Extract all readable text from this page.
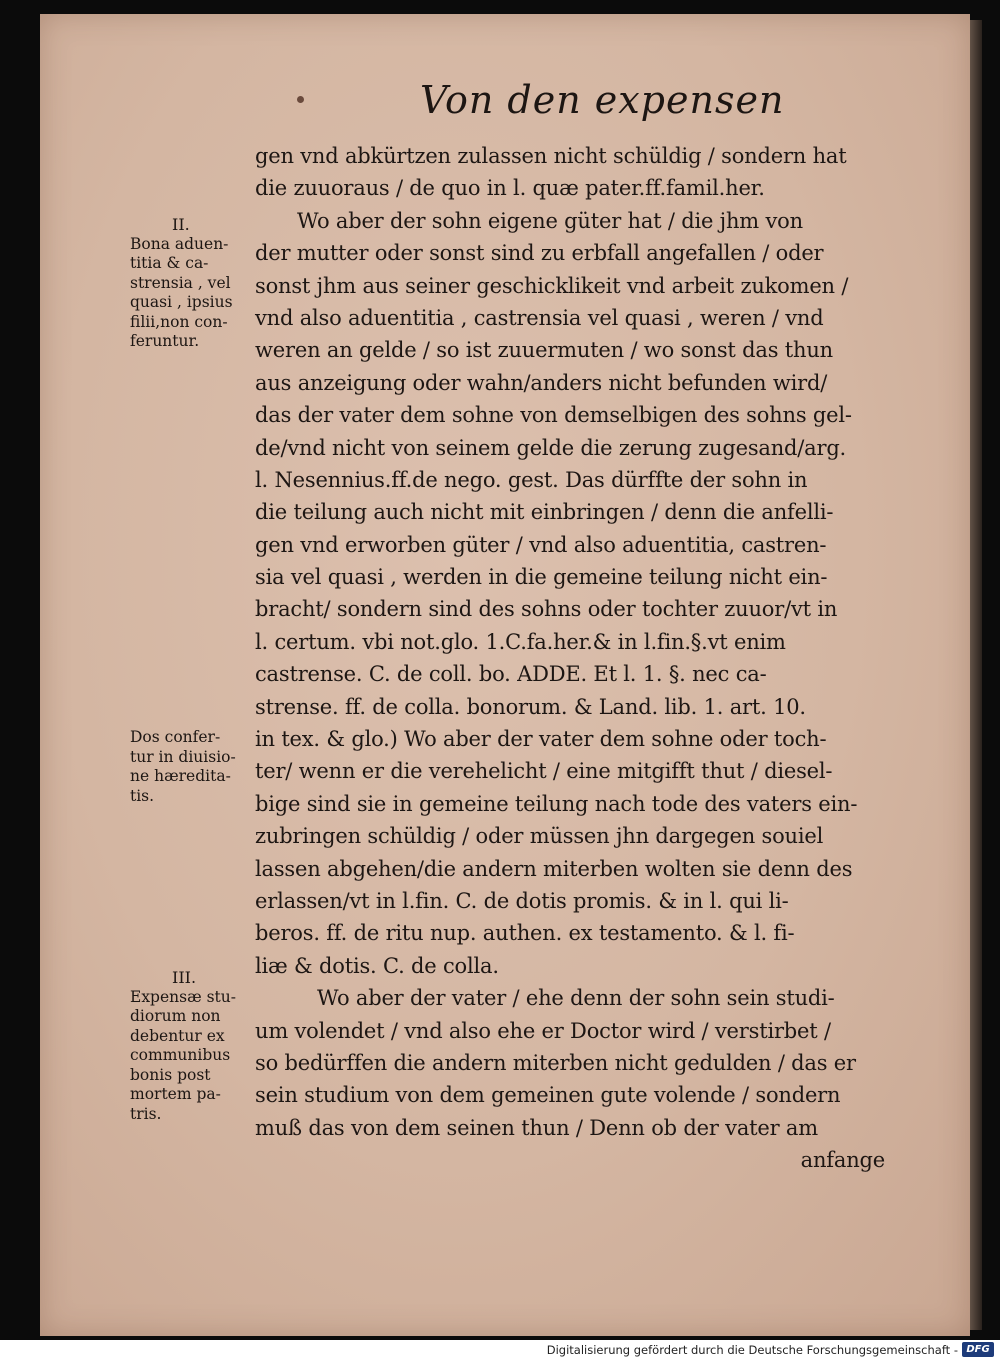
Von den expensen
gen vnd abkürtzen zulassen nicht schüldig / sondern hat
die zuuoraus / de quo in l. quæ pater.ff.famil.her.
Wo aber der sohn eigene güter hat / die jhm von
der mutter oder sonst sind zu erbfall angefallen / oder
sonst jhm aus seiner geschicklikeit vnd arbeit zukomen /
vnd also aduentitia , castrensia vel quasi , weren / vnd
weren an gelde / so ist zuuermuten / wo sonst das thun
aus anzeigung oder wahn/anders nicht befunden wird/
das der vater dem sohne von demselbigen des sohns gel-
de/vnd nicht von seinem gelde die zerung zugesand/arg.
l. Nesennius.ff.de nego. gest. Das dürffte der sohn in
die teilung auch nicht mit einbringen / denn die anfelli-
gen vnd erworben güter / vnd also aduentitia, castren-
sia vel quasi , werden in die gemeine teilung nicht ein-
bracht/ sondern sind des sohns oder tochter zuuor/vt in
l. certum. vbi not.glo. 1.C.fa.her.& in l.fin.§.vt enim
castrense. C. de coll. bo. ADDE. Et l. 1. §. nec ca-
strense. ff. de colla. bonorum. & Land. lib. 1. art. 10.
in tex. & glo.) Wo aber der vater dem sohne oder toch-
ter/ wenn er die verehelicht / eine mitgifft thut / diesel-
bige sind sie in gemeine teilung nach tode des vaters ein-
zubringen schüldig / oder müssen jhn dargegen souiel
lassen abgehen/die andern miterben wolten sie denn des
erlassen/vt in l.fin. C. de dotis promis. & in l. qui li-
beros. ff. de ritu nup. authen. ex testamento. & l. fi-
liæ & dotis. C. de colla.
Wo aber der vater / ehe denn der sohn sein studi-
um volendet / vnd also ehe er Doctor wird / verstirbet /
so bedürffen die andern miterben nicht gedulden / das er
sein studium von dem gemeinen gute volende / sondern
muß das von dem seinen thun / Denn ob der vater am
anfange
II.
Bona aduen-
titia & ca-
strensia , vel
quasi , ipsius
filii,non con-
feruntur.
Dos confer-
tur in diuisio-
ne hæredita-
tis.
III.
Expensæ stu-
diorum non
debentur ex
communibus
bonis post
mortem pa-
tris.
Digitalisierung gefördert durch die Deutsche Forschungsgemeinschaft - DFG
